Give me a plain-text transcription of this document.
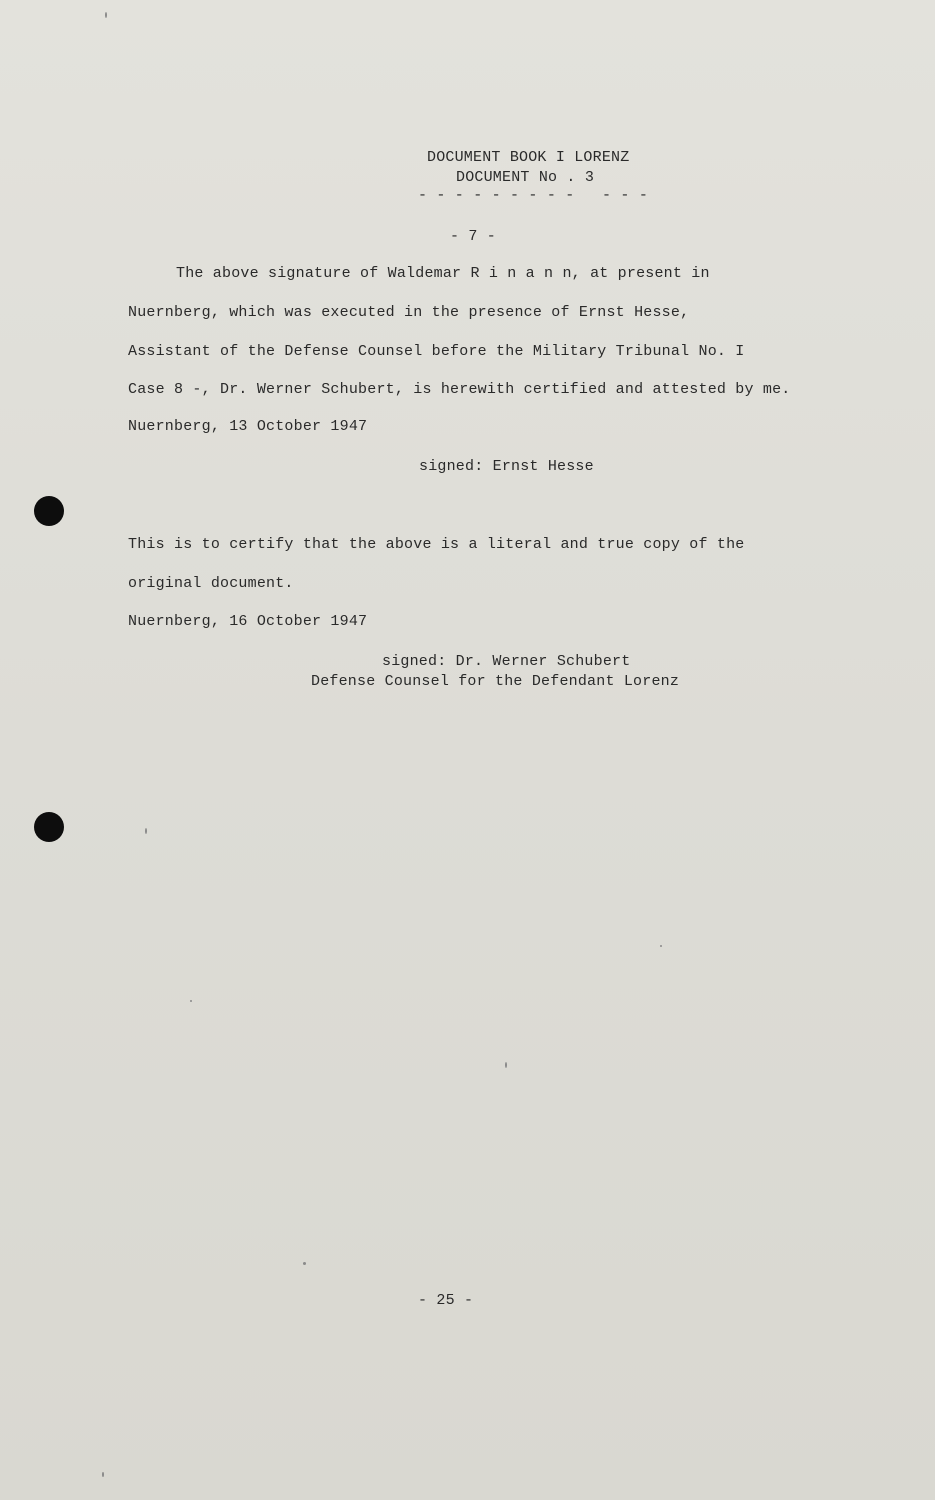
DOCUMENT BOOK I LORENZ
DOCUMENT No . 3
- - - - - - - - -   - - -
- 7 -
The above signature of Waldemar R i n a n n, at present in
Nuernberg, which was executed in the presence of Ernst Hesse,
Assistant of the Defense Counsel before the Military Tribunal No. I
Case 8 -, Dr. Werner Schubert, is herewith certified and attested by me.
Nuernberg, 13 October 1947
signed: Ernst Hesse
This is to certify that the above is a literal and true copy of the
original document.
Nuernberg, 16 October 1947
signed: Dr. Werner Schubert
Defense Counsel for the Defendant Lorenz
- 25 -
